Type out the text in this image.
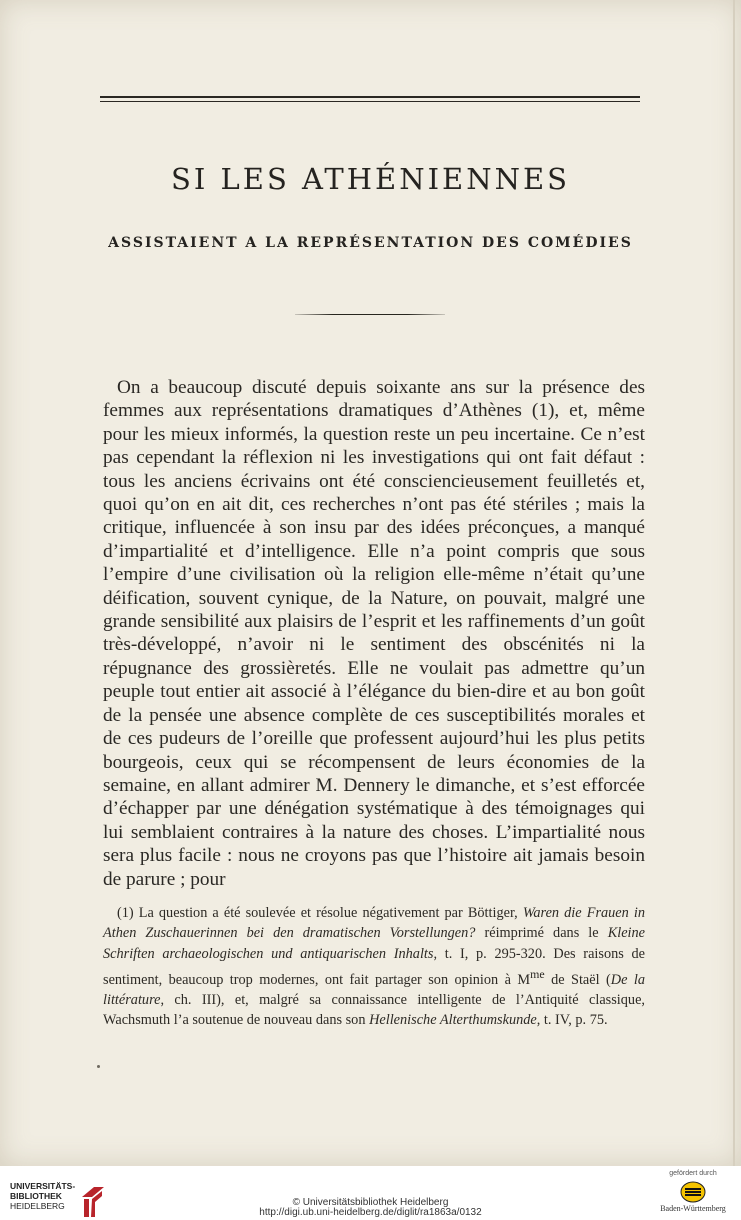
SI LES ATHÉNIENNES
ASSISTAIENT A LA REPRÉSENTATION DES COMÉDIES

On a beaucoup discuté depuis soixante ans sur la présence des femmes aux représentations dramatiques d’Athènes (1), et, même pour les mieux informés, la question reste un peu incertaine. Ce n’est pas cependant la réflexion ni les investigations qui ont fait défaut : tous les anciens écrivains ont été consciencieusement feuilletés et, quoi qu’on en ait dit, ces recherches n’ont pas été stériles ; mais la critique, influencée à son insu par des idées préconçues, a manqué d’impartialité et d’intelligence. Elle n’a point compris que sous l’empire d’une civilisation où la religion elle-même n’était qu’une déification, souvent cynique, de la Nature, on pouvait, malgré une grande sensibilité aux plaisirs de l’esprit et les raffinements d’un goût très-développé, n’avoir ni le sentiment des obscénités ni la répugnance des grossièretés. Elle ne voulait pas admettre qu’un peuple tout entier ait associé à l’élégance du bien-dire et au bon goût de la pensée une absence complète de ces susceptibilités morales et de ces pudeurs de l’oreille que professent aujourd’hui les plus petits bourgeois, ceux qui se récompensent de leurs économies de la semaine, en allant admirer M. Dennery le dimanche, et s’est efforcée d’échapper par une dénégation systématique à des témoignages qui lui semblaient contraires à la nature des choses. L’impartialité nous sera plus facile : nous ne croyons pas que l’histoire ait jamais besoin de parure ; pour

(1) La question a été soulevée et résolue négativement par Böttiger, Waren die Frauen in Athen Zuschauerinnen bei den dramatischen Vorstellungen? réimprimé dans le Kleine Schriften archaeologischen und antiquarischen Inhalts, t. I, p. 295-320. Des raisons de sentiment, beaucoup trop modernes, ont fait partager son opinion à $M^{me}$ de Staël (De la littérature, ch. III), et, malgré sa connaissance intelligente de l’Antiquité classique, Wachsmuth l’a soutenue de nouveau dans son Hellenische Alterthumskunde, t. IV, p. 75.

UNIVERSITÄTS-
BIBLIOTHEK
HEIDELBERG	© Universitätsbibliothek Heidelberg
http://digi.ub.uni-heidelberg.de/diglit/ra1863a/0132
gefördert durch
Baden-Württemberg
